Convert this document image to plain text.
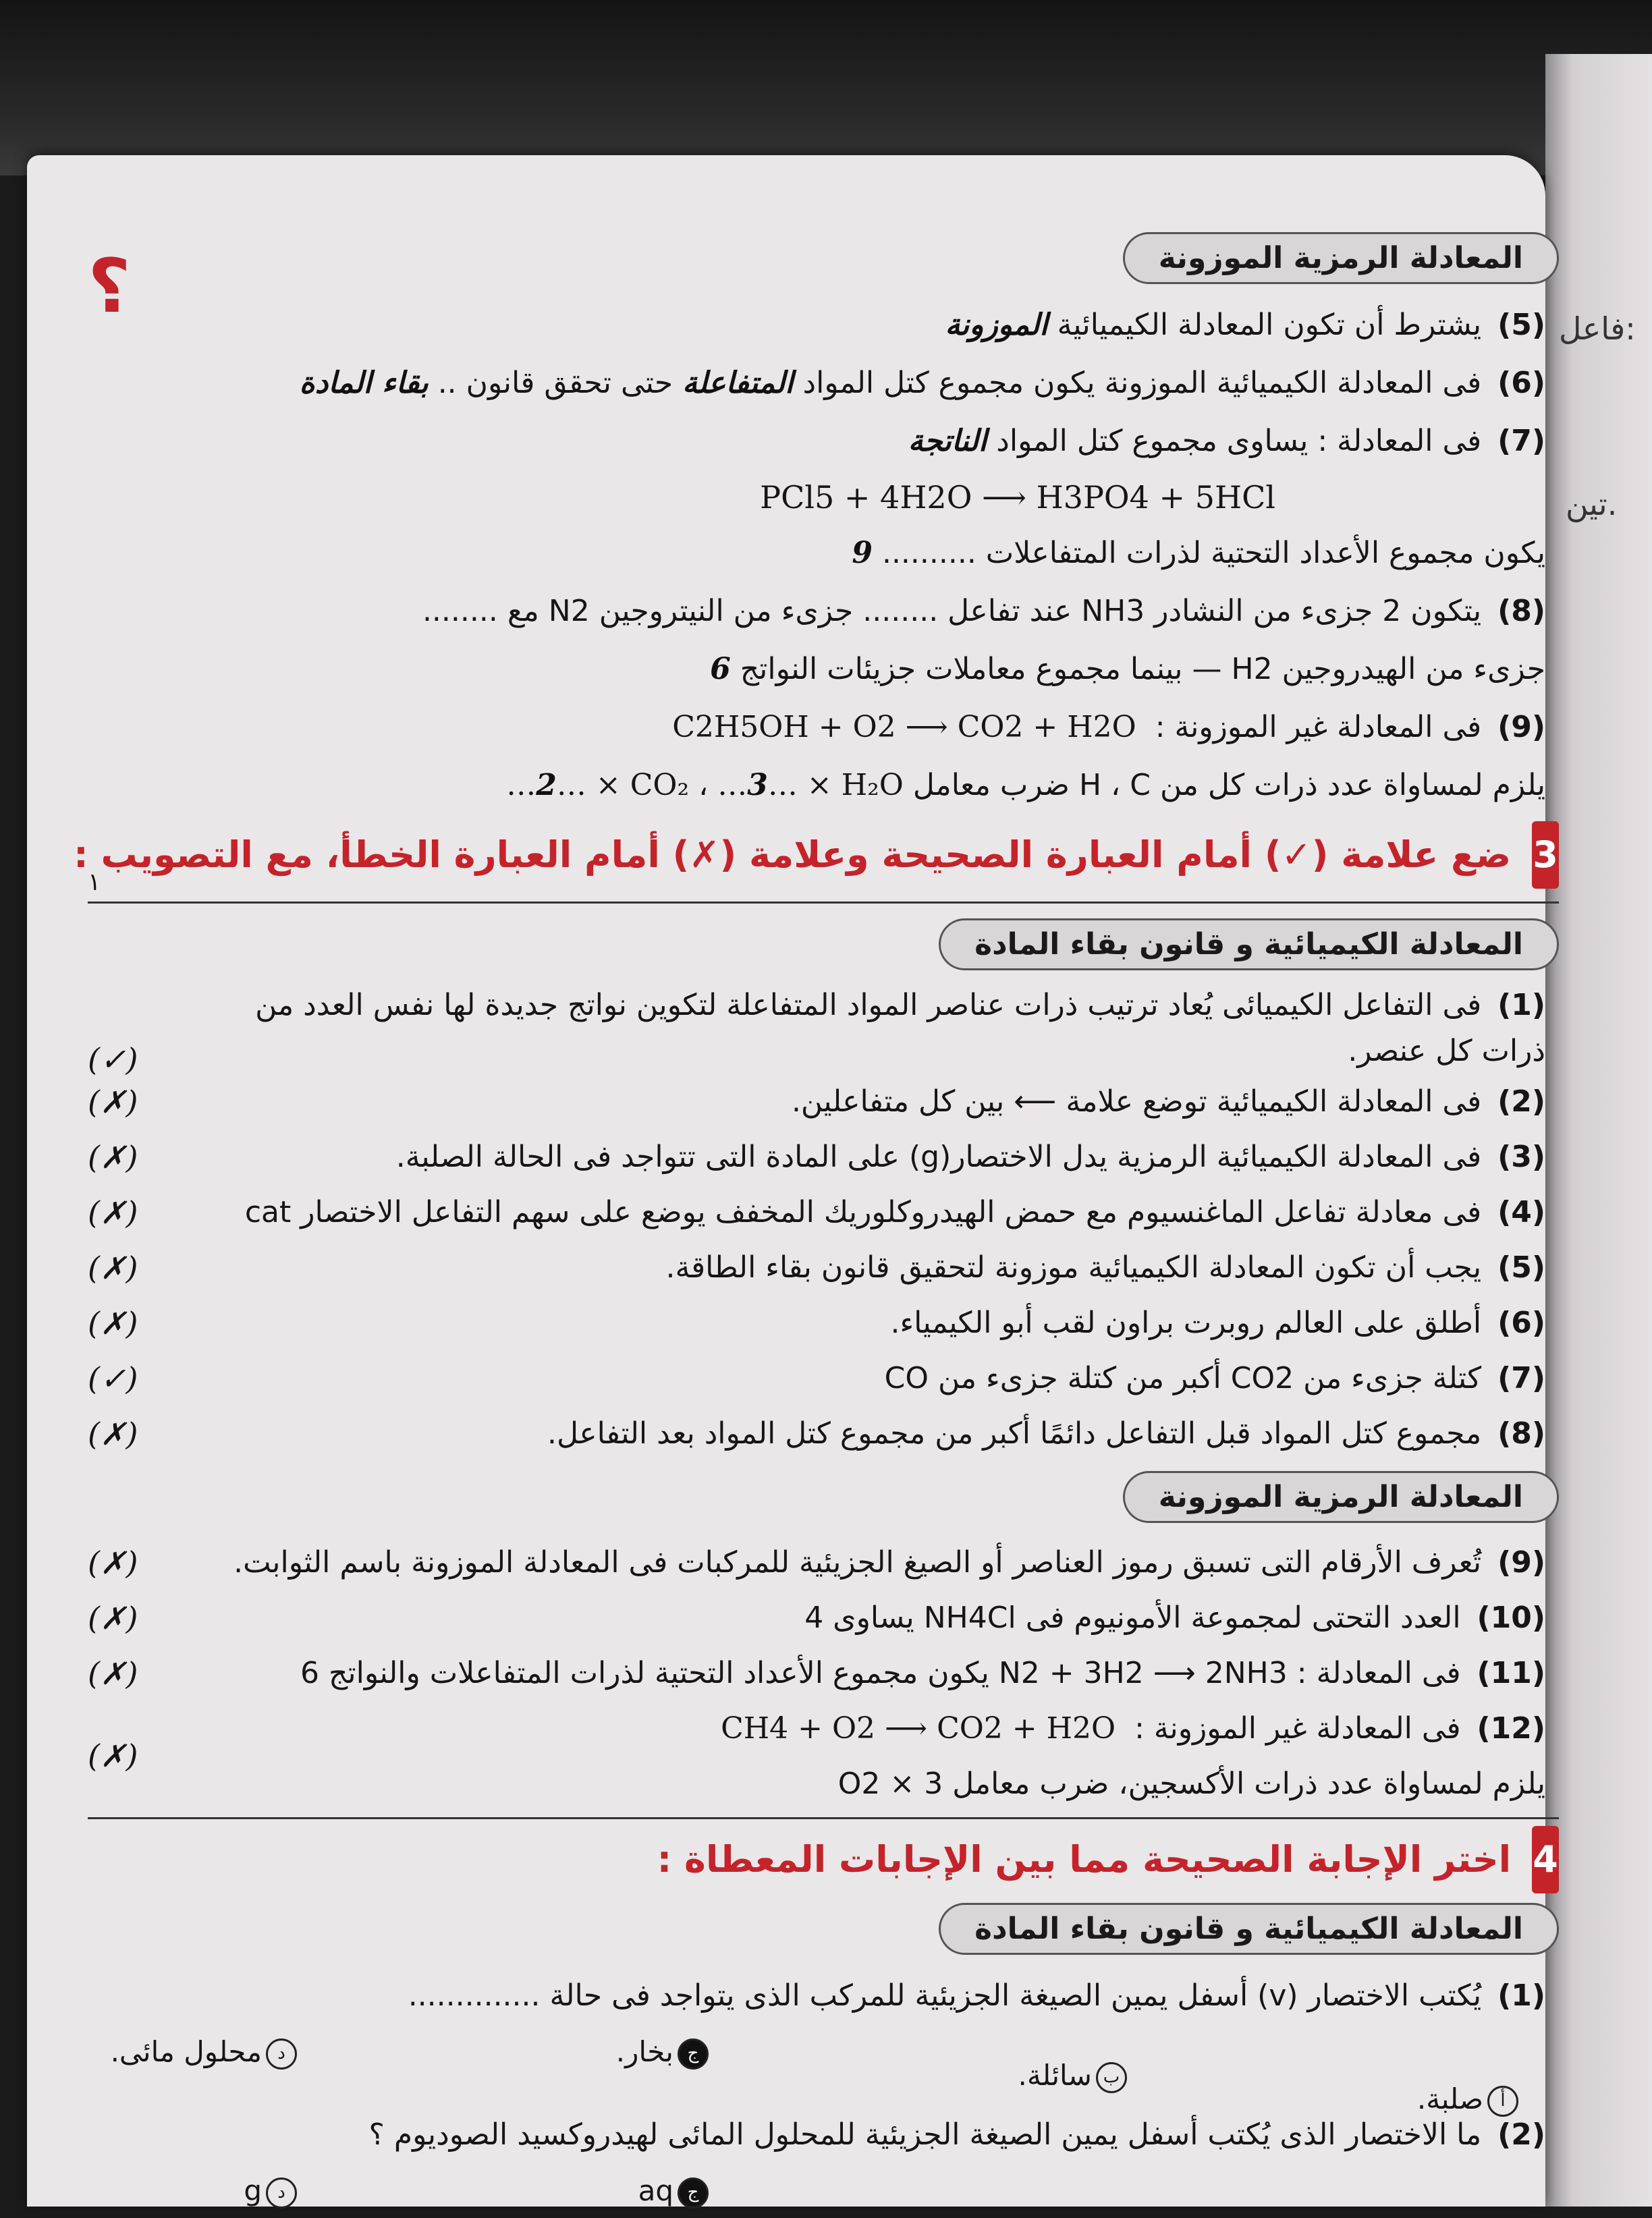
فاعل:
تين.
؟	المعادلة الرمزية الموزونة
(5) يشترط أن تكون المعادلة الكيميائية الموزونة
(6) فى المعادلة الكيميائية الموزونة يكون مجموع كتل المواد المتفاعلة حتى تحقق قانون .. بقاء المادة
(7) فى المعادلة : يساوى مجموع كتل المواد الناتجة
PCl5 + 4H2O ⟶ H3PO4 + 5HCl
يكون مجموع الأعداد التحتية لذرات المتفاعلات .......... 9
(8) يتكون 2 جزىء من النشادر NH3 عند تفاعل ........ جزىء من النيتروجين N2 مع ........
جزىء من الهيدروجين H2 — بينما مجموع معاملات جزيئات النواتج 6
(9) فى المعادلة غير الموزونة :  C2H5OH + O2 ⟶ CO2 + H2O
يلزم لمساواة عدد ذرات كل من H ، C ضرب معامل …2… × CO₂ ، …3… × H₂O
3 ضع علامة (✓) أمام العبارة الصحيحة وعلامة (✗) أمام العبارة الخطأ، مع التصويب :
١
المعادلة الكيميائية و قانون بقاء المادة
(1) فى التفاعل الكيميائى يُعاد ترتيب ذرات عناصر المواد المتفاعلة لتكوين نواتج جديدة لها نفس العدد من ذرات كل عنصر.
(✓)
(2) فى المعادلة الكيميائية توضع علامة ⟵ بين كل متفاعلين.
(✗)
(3) فى المعادلة الكيميائية الرمزية يدل الاختصار(g) على المادة التى تتواجد فى الحالة الصلبة.
(✗)
(4) فى معادلة تفاعل الماغنسيوم مع حمض الهيدروكلوريك المخفف يوضع على سهم التفاعل الاختصار cat
(✗)
(5) يجب أن تكون المعادلة الكيميائية موزونة لتحقيق قانون بقاء الطاقة.
(✗)
(6) أطلق على العالم روبرت براون لقب أبو الكيمياء.
(✗)
(7) كتلة جزىء من CO2 أكبر من كتلة جزىء من CO
(✓)
(8) مجموع كتل المواد قبل التفاعل دائمًا أكبر من مجموع كتل المواد بعد التفاعل.
(✗)
المعادلة الرمزية الموزونة
(9) تُعرف الأرقام التى تسبق رموز العناصر أو الصيغ الجزيئية للمركبات فى المعادلة الموزونة باسم الثوابت.
(✗)
(10) العدد التحتى لمجموعة الأمونيوم فى NH4Cl يساوى 4
(✗)
(11) فى المعادلة : N2 + 3H2 ⟶ 2NH3 يكون مجموع الأعداد التحتية لذرات المتفاعلات والنواتج 6
(✗)
(12) فى المعادلة غير الموزونة :  CH4 + O2 ⟶ CO2 + H2O
(✗)
يلزم لمساواة عدد ذرات الأكسجين، ضرب معامل 3 × O2
4 اختر الإجابة الصحيحة مما بين الإجابات المعطاة :
المعادلة الكيميائية و قانون بقاء المادة
(1) يُكتب الاختصار (v) أسفل يمين الصيغة الجزيئية للمركب الذى يتواجد فى حالة ..............
أصلبة.
بسائلة.
جبخار.
دمحلول مائى.
(2) ما الاختصار الذى يُكتب أسفل يمين الصيغة الجزيئية للمحلول المائى لهيدروكسيد الصوديوم ؟
جaq
دg
